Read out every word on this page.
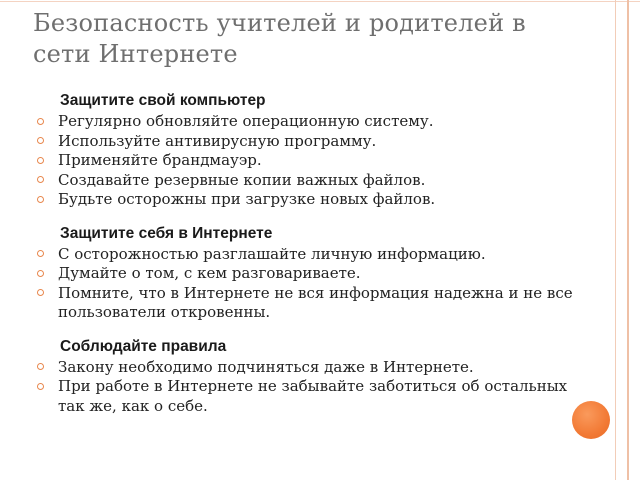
Безопасность учителей и родителей в
сети Интернете
Защитите свой компьютер
Регулярно обновляйте операционную систему.
Используйте антивирусную программу.
Применяйте брандмауэр.
Создавайте резервные копии важных файлов.
Будьте осторожны при загрузке новых файлов.
Защитите себя в Интернете
С осторожностью разглашайте личную информацию.
Думайте о том, с кем разговариваете.
Помните, что в Интернете не вся информация надежна и не все пользователи откровенны.
Соблюдайте правила
Закону необходимо подчиняться даже в Интернете.
При работе в Интернете не забывайте заботиться об остальных так же, как о себе.
